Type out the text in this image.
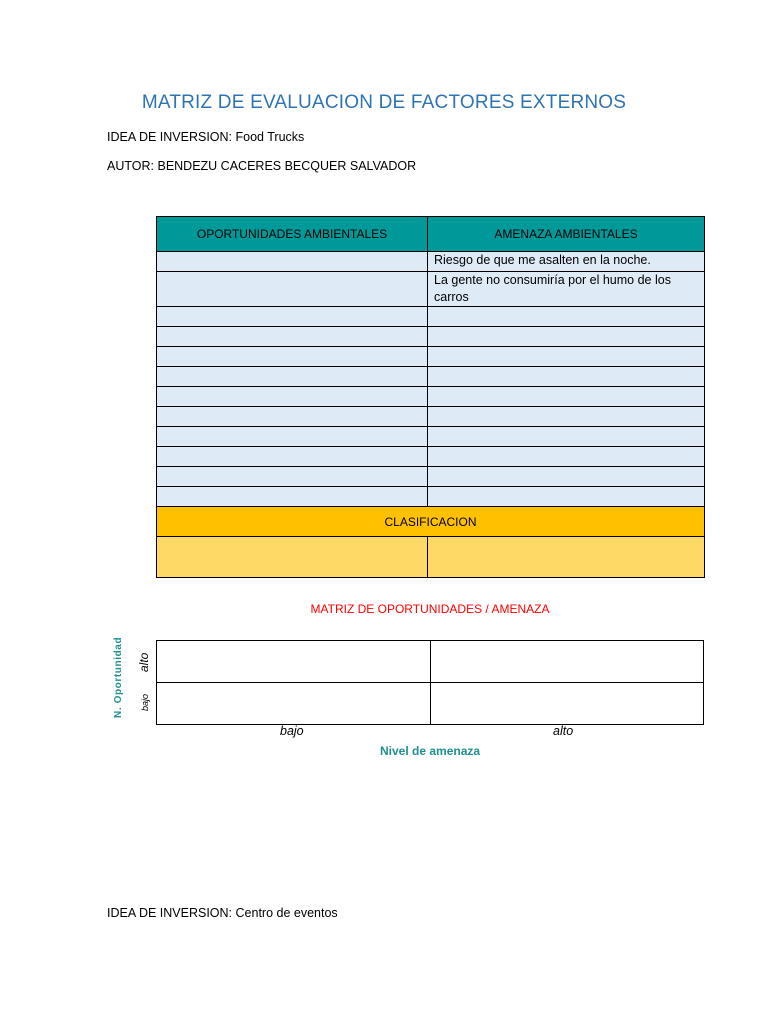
MATRIZ DE EVALUACION DE FACTORES EXTERNOS
IDEA DE INVERSION: Food Trucks
AUTOR: BENDEZU CACERES BECQUER SALVADOR
OPORTUNIDADES AMBIENTALES	AMENAZA AMBIENTALES
	Riesgo de que me asalten en la noche.
	La gente no consumiría por el humo de los carros

CLASIFICACION	

MATRIZ DE OPORTUNIDADES / AMENAZA

N. Oportunidad alto
bajo
bajo	alto
Nivel de amenaza
IDEA DE INVERSION: Centro de eventos
